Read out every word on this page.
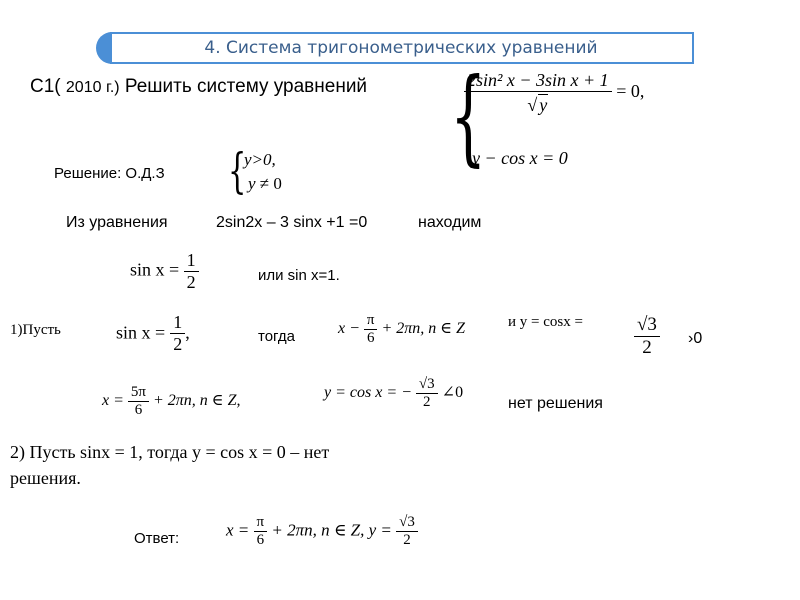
4. Система тригонометрических уравнений
C1( 2010 г.) Решить систему уравнений {
$\frac{\text{2sin² x − 3sin x + 1}}{√ y} = 0$,
y − cos x = 0
Решение: О.Д.З {
y>0,
y ≠ 0
Из уравнения	2sin2x – 3 sinx +1 =0	находим
$\sin x = \frac{1}{2}$	или sin x=1.
1)Пусть	$\sin x = \frac{1}{2}$ ,	тогда	$x - \frac{\pi}{6} + 2\pi n$, n ∈ Z	и y = cosx =	$\frac{√3}{2}$ ›0
$x = \frac{5\pi}{6} + 2\pi n$, n ∈ Z,	y = cos x = − $\frac{√3}{2}$ ∠0
нет решения
2) Пусть sinx = 1, тогда y = cos x = 0 – нет
решения.
Ответ:	$x = \frac{\pi}{6} + 2\pi n$, n ∈ Z, $y = \frac{√3}{2}$
